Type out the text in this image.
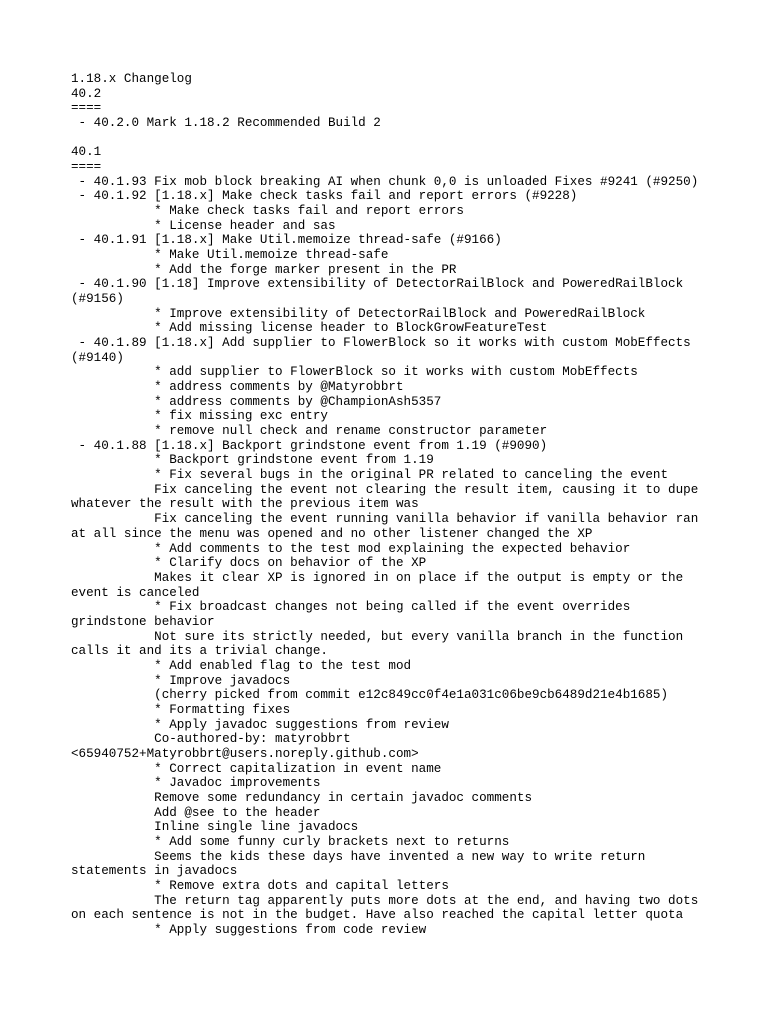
1.18.x Changelog
40.2
====
- 40.2.0 Mark 1.18.2 Recommended Build 2
40.1
====
- 40.1.93 Fix mob block breaking AI when chunk 0,0 is unloaded Fixes #9241 (#9250)
- 40.1.92 [1.18.x] Make check tasks fail and report errors (#9228)
* Make check tasks fail and report errors
* License header and sas
- 40.1.91 [1.18.x] Make Util.memoize thread-safe (#9166)
* Make Util.memoize thread-safe
* Add the forge marker present in the PR
- 40.1.90 [1.18] Improve extensibility of DetectorRailBlock and PoweredRailBlock
(#9156)
* Improve extensibility of DetectorRailBlock and PoweredRailBlock
* Add missing license header to BlockGrowFeatureTest
- 40.1.89 [1.18.x] Add supplier to FlowerBlock so it works with custom MobEffects
(#9140)
* add supplier to FlowerBlock so it works with custom MobEffects
* address comments by @Matyrobbrt
* address comments by @ChampionAsh5357
* fix missing exc entry
* remove null check and rename constructor parameter
- 40.1.88 [1.18.x] Backport grindstone event from 1.19 (#9090)
* Backport grindstone event from 1.19
* Fix several bugs in the original PR related to canceling the event
Fix canceling the event not clearing the result item, causing it to dupe
whatever the result with the previous item was
Fix canceling the event running vanilla behavior if vanilla behavior ran
at all since the menu was opened and no other listener changed the XP
* Add comments to the test mod explaining the expected behavior
* Clarify docs on behavior of the XP
Makes it clear XP is ignored in on place if the output is empty or the
event is canceled
* Fix broadcast changes not being called if the event overrides
grindstone behavior
Not sure its strictly needed, but every vanilla branch in the function
calls it and its a trivial change.
* Add enabled flag to the test mod
* Improve javadocs
(cherry picked from commit e12c849cc0f4e1a031c06be9cb6489d21e4b1685)
* Formatting fixes
* Apply javadoc suggestions from review
Co-authored-by: matyrobbrt
<65940752+Matyrobbrt@users.noreply.github.com>
* Correct capitalization in event name
* Javadoc improvements
Remove some redundancy in certain javadoc comments
Add @see to the header
Inline single line javadocs
* Add some funny curly brackets next to returns
Seems the kids these days have invented a new way to write return
statements in javadocs
* Remove extra dots and capital letters
The return tag apparently puts more dots at the end, and having two dots
on each sentence is not in the budget. Have also reached the capital letter quota
* Apply suggestions from code review
